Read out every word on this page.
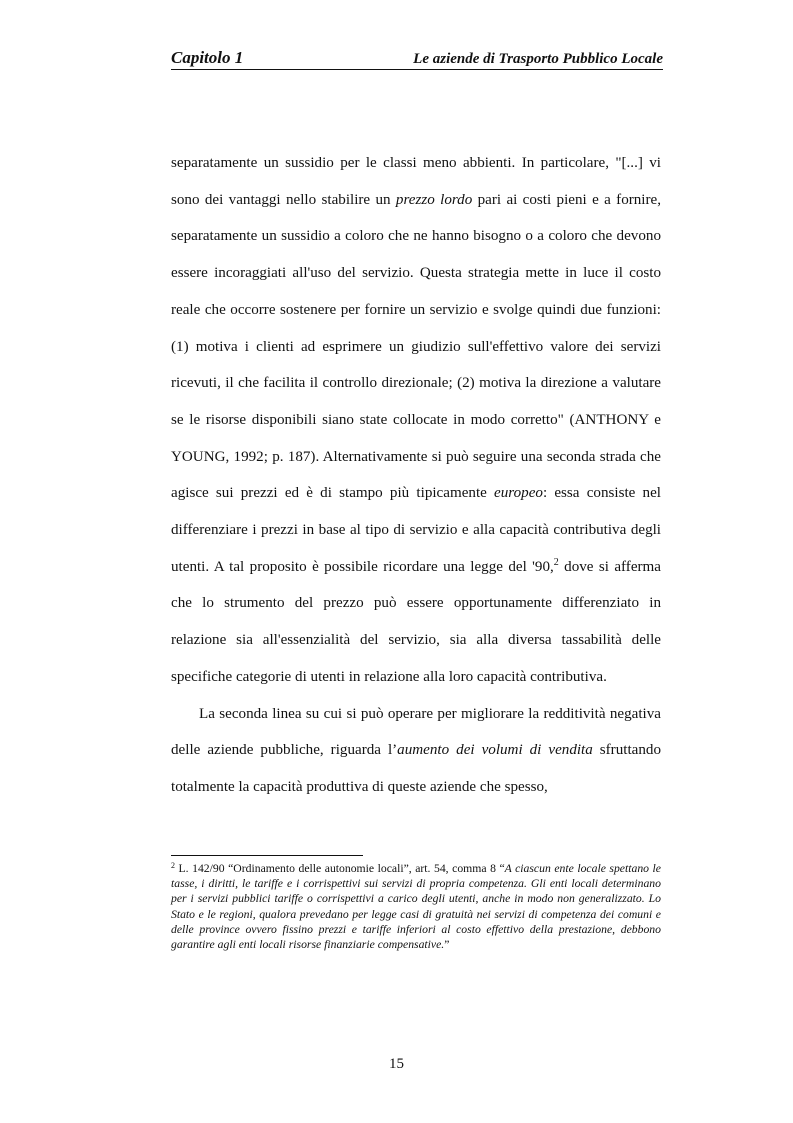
Capitolo 1	Le aziende di Trasporto Pubblico Locale

separatamente un sussidio per le classi meno abbienti. In particolare, "[...] vi sono dei vantaggi nello stabilire un prezzo lordo pari ai costi pieni e a fornire, separatamente un sussidio a coloro che ne hanno bisogno o a coloro che devono essere incoraggiati all'uso del servizio. Questa strategia mette in luce il costo reale che occorre sostenere per fornire un servizio e svolge quindi due funzioni: (1) motiva i clienti ad esprimere un giudizio sull'effettivo valore dei servizi ricevuti, il che facilita il controllo direzionale; (2) motiva la direzione a valutare se le risorse disponibili siano state collocate in modo corretto" (ANTHONY e YOUNG, 1992; p. 187). Alternativamente si può seguire una seconda strada che agisce sui prezzi ed è di stampo più tipicamente europeo: essa consiste nel differenziare i prezzi in base al tipo di servizio e alla capacità contributiva degli utenti. A tal proposito è possibile ricordare una legge del '90,$^2$ dove si afferma che lo strumento del prezzo può essere opportunamente differenziato in relazione sia all'essenzialità del servizio, sia alla diversa tassabilità delle specifiche categorie di utenti in relazione alla loro capacità contributiva.

La seconda linea su cui si può operare per migliorare la redditività negativa delle aziende pubbliche, riguarda l’aumento dei volumi di vendita sfruttando totalmente la capacità produttiva di queste aziende che spesso,

$^2$ L. 142/90 “Ordinamento delle autonomie locali”, art. 54, comma 8 “A ciascun ente locale spettano le tasse, i diritti, le tariffe e i corrispettivi sui servizi di propria competenza. Gli enti locali determinano per i servizi pubblici tariffe o corrispettivi a carico degli utenti, anche in modo non generalizzato. Lo Stato e le regioni, qualora prevedano per legge casi di gratuità nei servizi di competenza dei comuni e delle province ovvero fissino prezzi e tariffe inferiori al costo effettivo della prestazione, debbono garantire agli enti locali risorse finanziarie compensative.”
15
